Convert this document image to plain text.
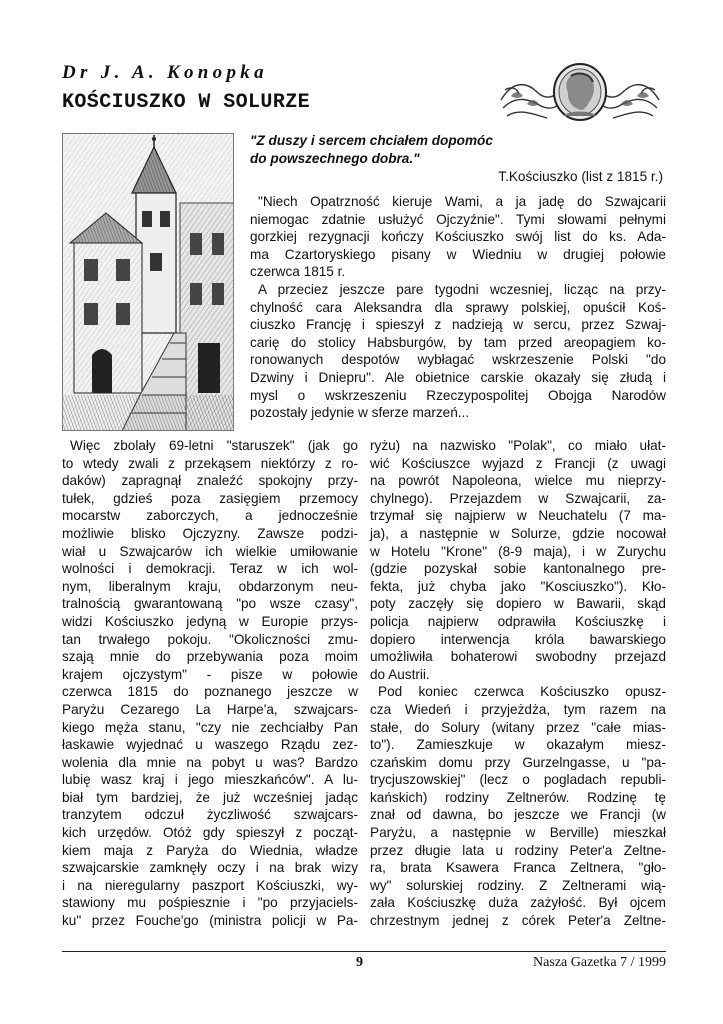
Dr J. A. Konopka
KOŚCIUSZKO W SOLURZE
"Z duszy i sercem chciałem dopomóc
do powszechnego dobra."
T.Kościuszko (list z 1815 r.)
"Niech Opatrzność kieruje Wami, a ja jadę do Szwajcarii
niemogac zdatnie usłużyć Ojczyźnie". Tymi słowami pełnymi
gorzkiej rezygnacji kończy Kościuszko swój list do ks. Ada-
ma Czartoryskiego pisany w Wiedniu w drugiej połowie
czerwca 1815 r.
A przeciez jeszcze pare tygodni wczesniej, licząc na przy-
chylność cara Aleksandra dla sprawy polskiej, opuścił Koś-
ciuszko Francję i spieszył z nadzieją w sercu, przez Szwaj-
carię do stolicy Habsburgów, by tam przed areopagiem ko-
ronowanych despotów wybłagać wskrzeszenie Polski "do
Dzwiny i Dniepru". Ale obietnice carskie okazały się złudą i
mysl o wskrzeszeniu Rzeczypospolitej Obojga Narodów
pozostały jedynie w sferze marzeń...
Więc zbolały 69-letni "staruszek" (jak go
to wtedy zwali z przekąsem niektórzy z ro-
daków) zapragnął znaleźć spokojny przy-
tułek, gdzieś poza zasięgiem przemocy
mocarstw zaborczych, a jednocześnie
możliwie blisko Ojczyzny. Zawsze podzi-
wiał u Szwajcarów ich wielkie umiłowanie
wolności i demokracji. Teraz w ich wol-
nym, liberalnym kraju, obdarzonym neu-
tralnością gwarantowaną "po wsze czasy",
widzi Kościuszko jedyną w Europie przys-
tan trwałego pokoju. "Okoliczności zmu-
szają mnie do przebywania poza moim
krajem ojczystym" - pisze w połowie
czerwca 1815 do poznanego jeszcze w
Paryżu Cezarego La Harpe'a, szwajcars-
kiego męża stanu, "czy nie zechciałby Pan
łaskawie wyjednać u waszego Rządu zez-
wolenia dla mnie na pobyt u was? Bardzo
lubię wasz kraj i jego mieszkańców". A lu-
biał tym bardziej, że już wcześniej jadąc
tranzytem odczuł życzliwość szwajcars-
kich urzędów. Otóż gdy spieszył z począt-
kiem maja z Paryża do Wiednia, władze
szwajcarskie zamknęły oczy i na brak wizy
i na nieregularny paszport Kościuszki, wy-
stawiony mu pośpiesznie i "po przyjaciels-
ku" przez Fouche'go (ministra policji w Pa-
ryżu) na nazwisko "Polak", co miało ułat-
wić Kościuszce wyjazd z Francji (z uwagi
na powrót Napoleona, wielce mu nieprzy-
chylnego). Przejazdem w Szwajcarii, za-
trzymał się najpierw w Neuchatelu (7 ma-
ja), a następnie w Solurze, gdzie nocował
w Hotelu "Krone" (8-9 maja), i w Zurychu
(gdzie pozyskał sobie kantonalnego pre-
fekta, już chyba jako "Kosciuszko"). Kło-
poty zaczęły się dopiero w Bawarii, skąd
policja najpierw odprawiła Kościuszkę i
dopiero interwencja króla bawarskiego
umożliwiła bohaterowi swobodny przejazd
do Austrii.
Pod koniec czerwca Kościuszko opusz-
cza Wiedeń i przyjeżdża, tym razem na
stałe, do Solury (witany przez "całe mias-
to"). Zamieszkuje w okazałym miesz-
czańskim domu przy Gurzelngasse, u "pa-
trycjuszowskiej" (lecz o pogladach republi-
kańskich) rodziny Zeltnerów. Rodzinę tę
znał od dawna, bo jeszcze we Francji (w
Paryżu, a następnie w Berville) mieszkał
przez długie lata u rodziny Peter'a Zeltne-
ra, brata Ksawera Franca Zeltnera, "gło-
wy" solurskiej rodziny. Z Zeltnerami wią-
zała Kościuszkę duża zażyłość. Był ojcem
chrzestnym jednej z córek Peter'a Zeltne-
9	Nasza Gazetka 7 / 1999
